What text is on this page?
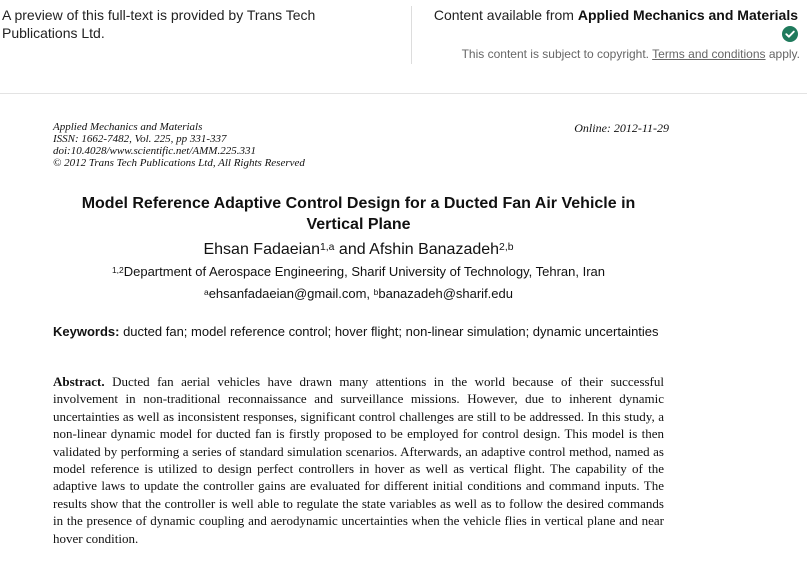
A preview of this full-text is provided by Trans Tech Publications Ltd.
Content available from Applied Mechanics and Materials
This content is subject to copyright. Terms and conditions apply.
Applied Mechanics and Materials
ISSN: 1662-7482, Vol. 225, pp 331-337
doi:10.4028/www.scientific.net/AMM.225.331
© 2012 Trans Tech Publications Ltd, All Rights Reserved
Online: 2012-11-29
Model Reference Adaptive Control Design for a Ducted Fan Air Vehicle in Vertical Plane
Ehsan Fadaeian$^{1,a}$ and Afshin Banazadeh$^{2,b}$
$^{1,2}$Department of Aerospace Engineering, Sharif University of Technology, Tehran, Iran
$^a$ehsanfadaeian@gmail.com, $^b$banazadeh@sharif.edu
Keywords: ducted fan; model reference control; hover flight; non-linear simulation; dynamic uncertainties
Abstract. Ducted fan aerial vehicles have drawn many attentions in the world because of their successful involvement in non-traditional reconnaissance and surveillance missions. However, due to inherent dynamic uncertainties as well as inconsistent responses, significant control challenges are still to be addressed. In this study, a non-linear dynamic model for ducted fan is firstly proposed to be employed for control design. This model is then validated by performing a series of standard simulation scenarios. Afterwards, an adaptive control method, named as model reference is utilized to design perfect controllers in hover as well as vertical flight. The capability of the adaptive laws to update the controller gains are evaluated for different initial conditions and command inputs. The results show that the controller is well able to regulate the state variables as well as to follow the desired commands in the presence of dynamic coupling and aerodynamic uncertainties when the vehicle flies in vertical plane and near hover condition.
